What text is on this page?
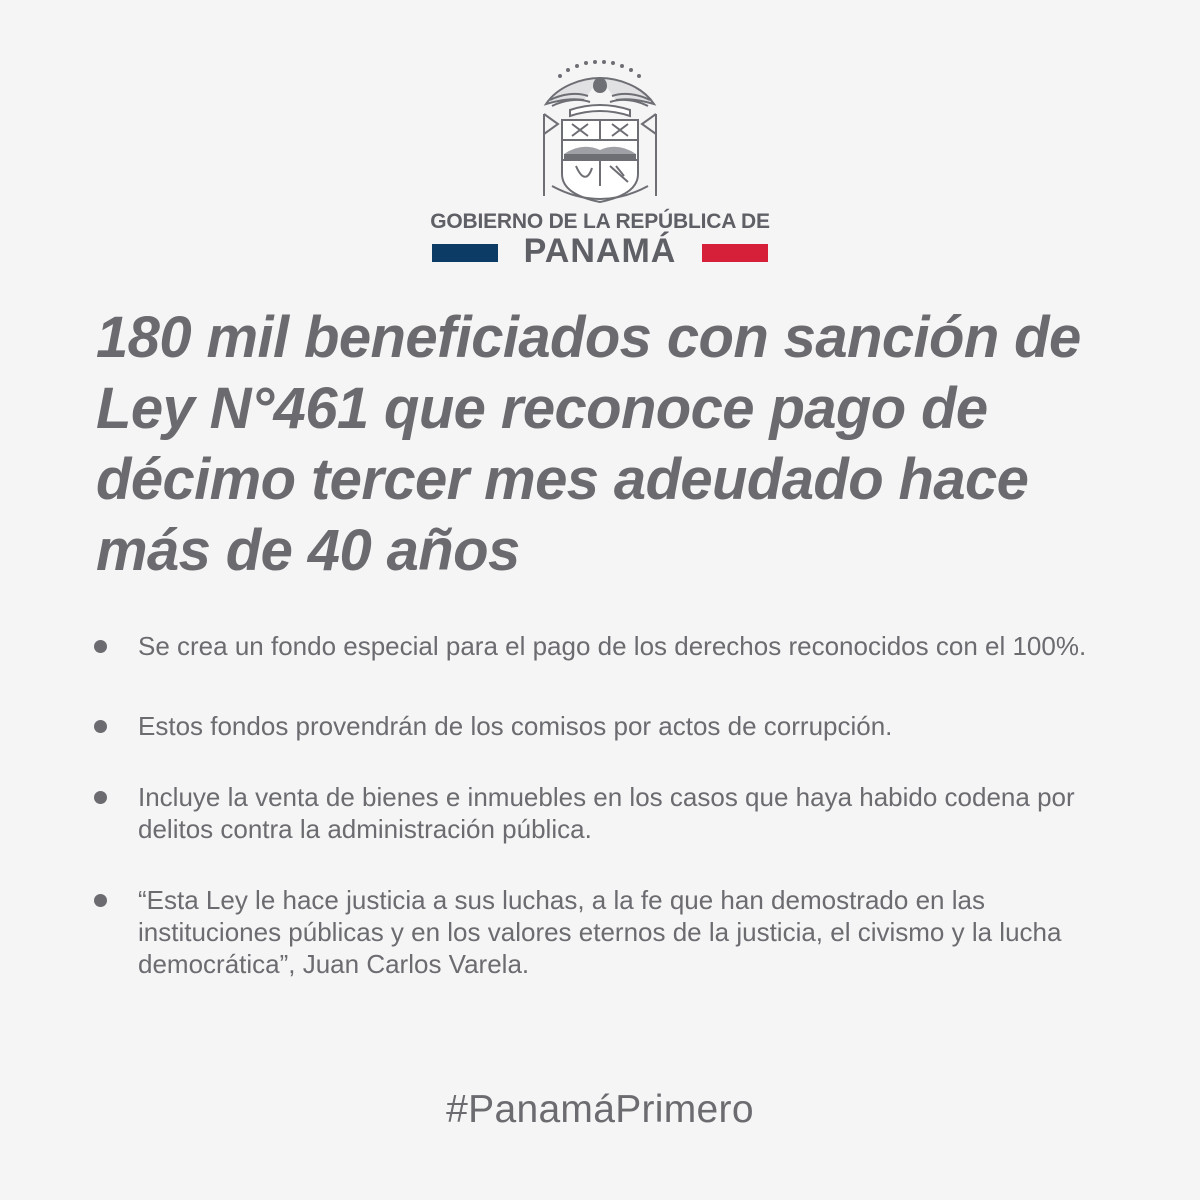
GOBIERNO DE LA REPÚBLICA DE
PANAMÁ
180 mil beneficiados con sanción de Ley N°461 que reconoce pago de décimo tercer mes adeudado hace más de 40 años
Se crea un fondo especial para el pago de los derechos reconocidos con el 100%.
Estos fondos provendrán de los comisos por actos de corrupción.
Incluye la venta de bienes e inmuebles en los casos que haya habido codena por delitos contra la administración pública.
“Esta Ley le hace justicia a sus luchas, a la fe que han demostrado en las instituciones públicas y en los valores eternos de la justicia, el civismo y la lucha democrática”, Juan Carlos Varela.
#PanamáPrimero
